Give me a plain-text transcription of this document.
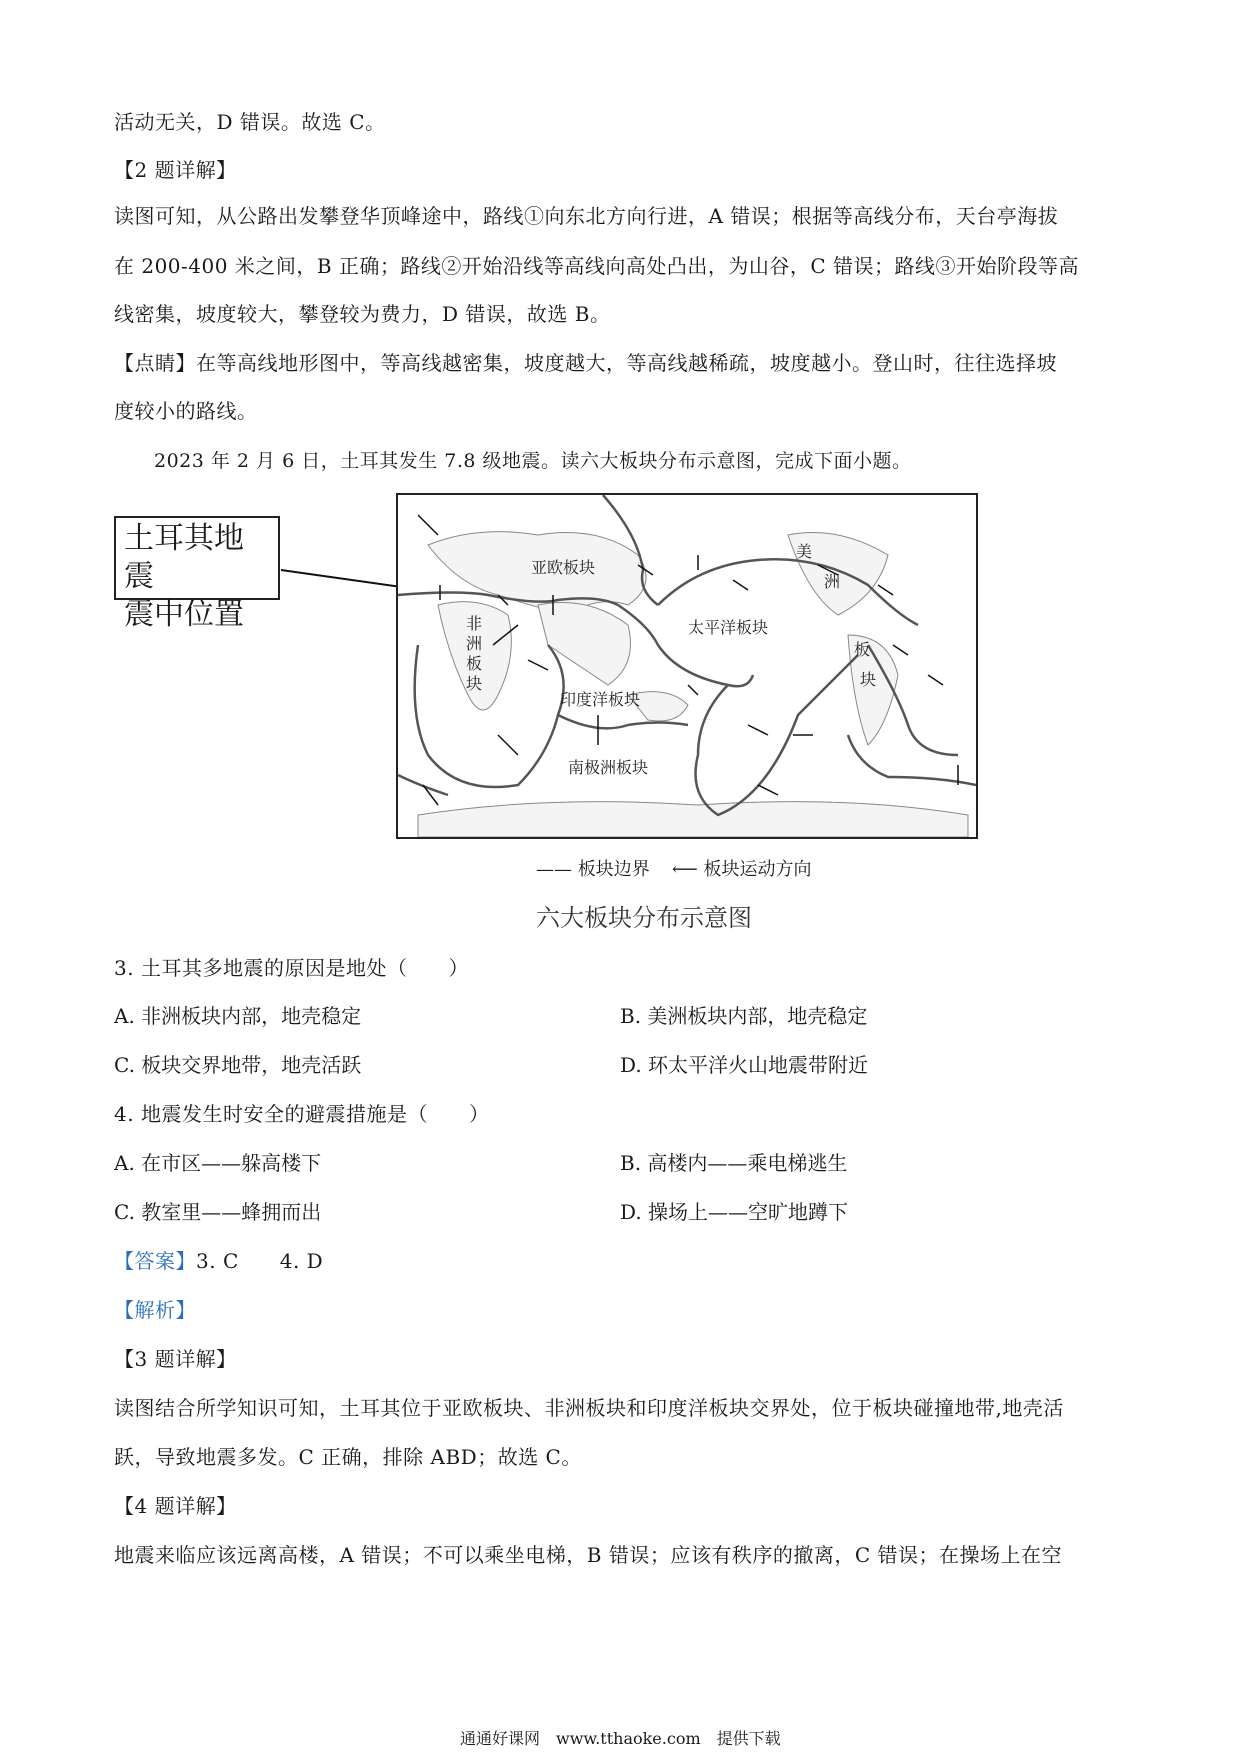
活动无关，D 错误。故选 C。
【2 题详解】
读图可知，从公路出发攀登华顶峰途中，路线①向东北方向行进，A 错误；根据等高线分布，天台亭海拔
在 200-400 米之间，B 正确；路线②开始沿线等高线向高处凸出，为山谷，C 错误；路线③开始阶段等高
线密集，坡度较大，攀登较为费力，D 错误，故选 B。
【点睛】在等高线地形图中，等高线越密集，坡度越大，等高线越稀疏，坡度越小。登山时，往往选择坡
度较小的路线。
2023 年 2 月 6 日，土耳其发生 7.8 级地震。读六大板块分布示意图，完成下面小题。
土耳其地震
震中位置
亚欧板块
太平洋板块
印度洋板块
南极洲板块
非
洲
板
块
美
洲
板
块
—— 板块边界 ⟵ 板块运动方向
六大板块分布示意图
3. 土耳其多地震的原因是地处（　　）
A. 非洲板块内部，地壳稳定	B. 美洲板块内部，地壳稳定
C. 板块交界地带，地壳活跃	D. 环太平洋火山地震带附近
4. 地震发生时安全的避震措施是（　　）
A. 在市区——躲高楼下	B. 高楼内——乘电梯逃生
C. 教室里——蜂拥而出	D. 操场上——空旷地蹲下
【答案】3. C　　4. D
【解析】
【3 题详解】
读图结合所学知识可知，土耳其位于亚欧板块、非洲板块和印度洋板块交界处，位于板块碰撞地带,地壳活
跃，导致地震多发。C 正确，排除 ABD；故选 C。
【4 题详解】
地震来临应该远离高楼，A 错误；不可以乘坐电梯，B 错误；应该有秩序的撤离，C 错误；在操场上在空
通通好课网　www.tthaoke.com　提供下载
